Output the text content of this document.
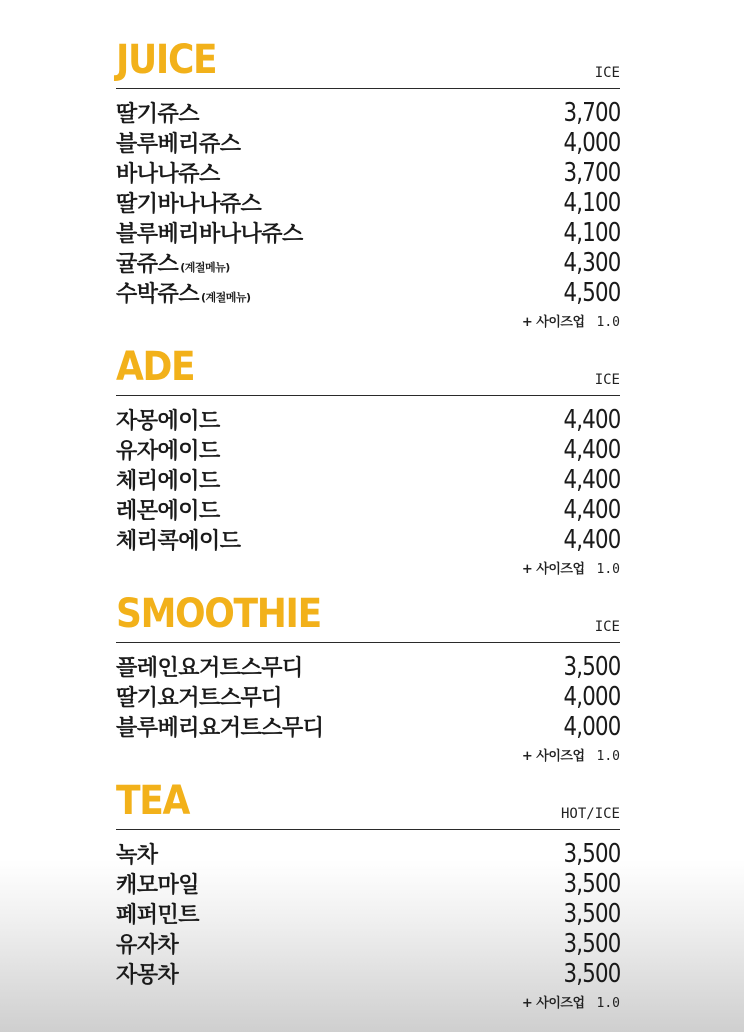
JUICE	ICE
딸기쥬스	3,700
블루베리쥬스	4,000
바나나쥬스	3,700
딸기바나나쥬스	4,100
블루베리바나나쥬스	4,100
귤쥬스 (계절메뉴)	4,300
수박쥬스 (계절메뉴)	4,500
+ 사이즈업 1.0
ADE	ICE
자몽에이드	4,400
유자에이드	4,400
체리에이드	4,400
레몬에이드	4,400
체리콕에이드	4,400
+ 사이즈업 1.0
SMOOTHIE	ICE
플레인요거트스무디	3,500
딸기요거트스무디	4,000
블루베리요거트스무디	4,000
+ 사이즈업 1.0
TEA	HOT/ICE
녹차	3,500
캐모마일	3,500
페퍼민트	3,500
유자차	3,500
자몽차	3,500
+ 사이즈업 1.0
